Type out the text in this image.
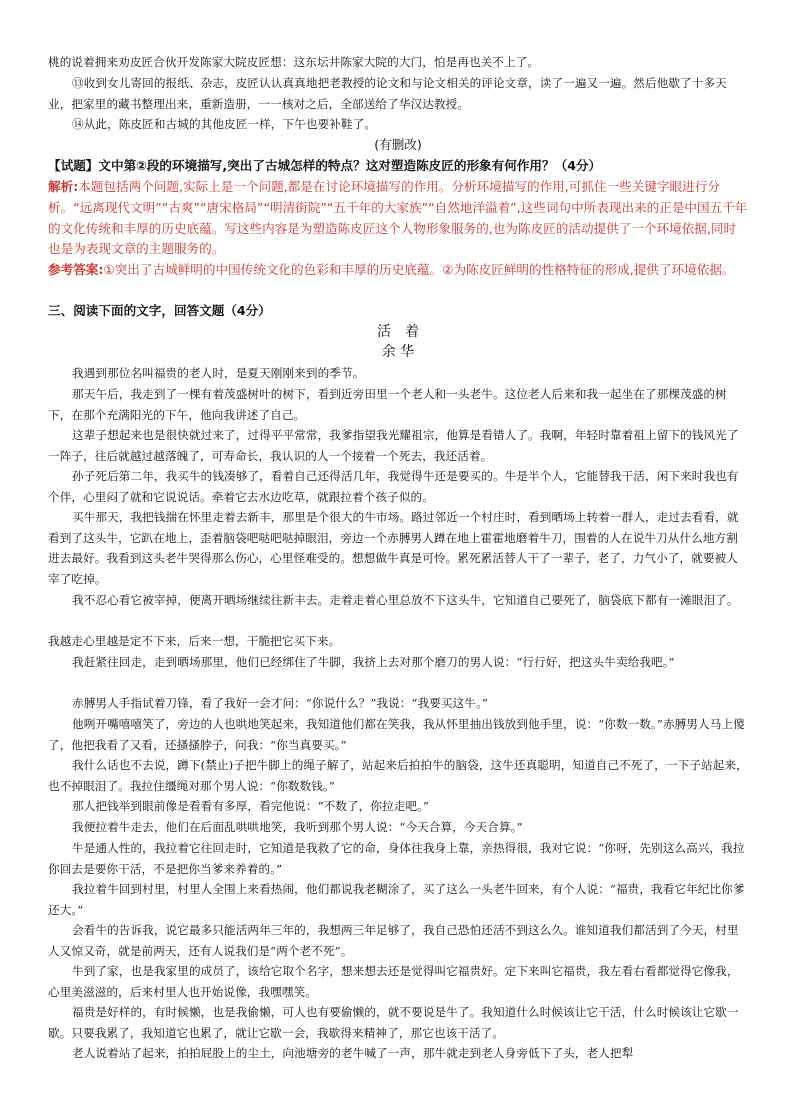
桃的说着拥来劝皮匠合伙开发陈家大院皮匠想：这东坛井陈家大院的大门，怕是再也关不上了。

⑬收到女儿寄回的报纸、杂志，皮匠认认真真地把老教授的论文和与论文相关的评论文章，读了一遍又一遍。然后他歇了十多天业，把家里的藏书整理出来，重新造册，一一核对之后，全部送给了华汉达教授。

⑭从此，陈皮匠和古城的其他皮匠一样，下午也要补鞋了。

(有删改)

【试题】文中第②段的环境描写,突出了古城怎样的特点？这对塑造陈皮匠的形象有何作用？（4分）

解析:本题包括两个问题,实际上是一个问题,都是在讨论环境描写的作用。分析环境描写的作用,可抓住一些关键字眼进行分析。“远离现代文明”“古爽”“唐宋格局”“明清街院”“五千年的大家族”“自然地洋溢着”,这些词句中所表现出来的正是中国五千年的文化传统和丰厚的历史底蕴。写这些内容是为塑造陈皮匠这个人物形象服务的,也为陈皮匠的活动提供了一个环境依据,同时也是为表现文章的主题服务的。

参考答案:①突出了古城鲜明的中国传统文化的色彩和丰厚的历史底蕴。②为陈皮匠鲜明的性格特征的形成,提供了环境依据。

三、阅读下面的文字，回答文题（4分）

活　着

余 华

我遇到那位名叫福贵的老人时，是夏天刚刚来到的季节。

那天午后，我走到了一棵有着茂盛树叶的树下，看到近旁田里一个老人和一头老牛。这位老人后来和我一起坐在了那棵茂盛的树下，在那个充满阳光的下午，他向我讲述了自己。

这辈子想起来也是很快就过来了，过得平平常常，我爹指望我光耀祖宗，他算是看错人了。我啊，年轻时靠着祖上留下的钱风光了一阵子，往后就越过越落魄了，可寿命长，我认识的人一个接着一个死去，我还活着。

孙子死后第二年，我买牛的钱凑够了，看着自己还得活几年，我觉得牛还是要买的。牛是半个人，它能替我干活，闲下来时我也有个伴，心里闷了就和它说说话。牵着它去水边吃草，就跟拉着个孩子似的。

买牛那天，我把钱揣在怀里走着去新丰，那里是个很大的牛市场。路过邻近一个村庄时，看到晒场上转着一群人，走过去看看，就看到了这头牛，它趴在地上，歪着脑袋吧哒吧哒掉眼泪，旁边一个赤膊男人蹲在地上霍霍地磨着牛刀，围着的人在说牛刀从什么地方割进去最好。我看到这头老牛哭得那么伤心，心里怪难受的。想想做牛真是可怜。累死累活替人干了一辈子，老了，力气小了，就要被人宰了吃掉。

我不忍心看它被宰掉，便离开晒场继续往新丰去。走着走着心里总放不下这头牛，它知道自己要死了，脑袋底下都有一滩眼泪了。

我越走心里越是定不下来，后来一想，干脆把它买下来。

我赶紧往回走，走到晒场那里，他们已经绑住了牛脚，我挤上去对那个磨刀的男人说：“行行好，把这头牛卖给我吧。”

赤膊男人手指试着刀锋，看了我好一会才问：“你说什么？”我说：“我要买这牛。”

他咧开嘴嘻嘻笑了，旁边的人也哄地笑起来，我知道他们都在笑我，我从怀里抽出钱放到他手里，说：“你数一数。”赤膊男人马上傻了，他把我看了又看，还搔搔脖子，问我：“你当真要买。”

我什么话也不去说，蹲下(禁止)子把牛脚上的绳子解了，站起来后拍拍牛的脑袋，这牛还真聪明，知道自己不死了，一下子站起来，也不掉眼泪了。我拉住缰绳对那个男人说：“你数数钱。”

那人把钱举到眼前像是看看有多厚，看完他说：“不数了，你拉走吧。”

我便拉着牛走去，他们在后面乱哄哄地笑，我听到那个男人说：“今天合算，今天合算。”

牛是通人性的，我拉着它往回走时，它知道是我救了它的命，身体往我身上靠，亲热得很，我对它说：“你呀，先别这么高兴，我拉你回去是要你干活，不是把你当爹来养着的。”

我拉着牛回到村里，村里人全围上来看热闹，他们都说我老糊涂了，买了这么一头老牛回来，有个人说：“福贵，我看它年纪比你爹还大。”

会看牛的告诉我，说它最多只能活两年三年的，我想两三年足够了，我自己恐怕还活不到这么久。谁知道我们都活到了今天，村里人又惊又奇，就是前两天，还有人说我们是“两个老不死”。

牛到了家，也是我家里的成员了，该给它取个名字，想来想去还是觉得叫它福贵好。定下来叫它福贵，我左看右看都觉得它像我，心里美滋滋的，后来村里人也开始说像，我嘿嘿笑。

福贵是好样的，有时候懒，也是我偷懒，可人也有要偷懒的，就不要说是牛了。我知道什么时候该让它干活，什么时候该让它歇一歇。只要我累了，我知道它也累了，就让它歇一会，我歇得来精神了，那它也该干活了。

老人说着站了起来，拍拍屁股上的尘土，向池塘旁的老牛喊了一声，那牛就走到老人身旁低下了头，老人把犁
